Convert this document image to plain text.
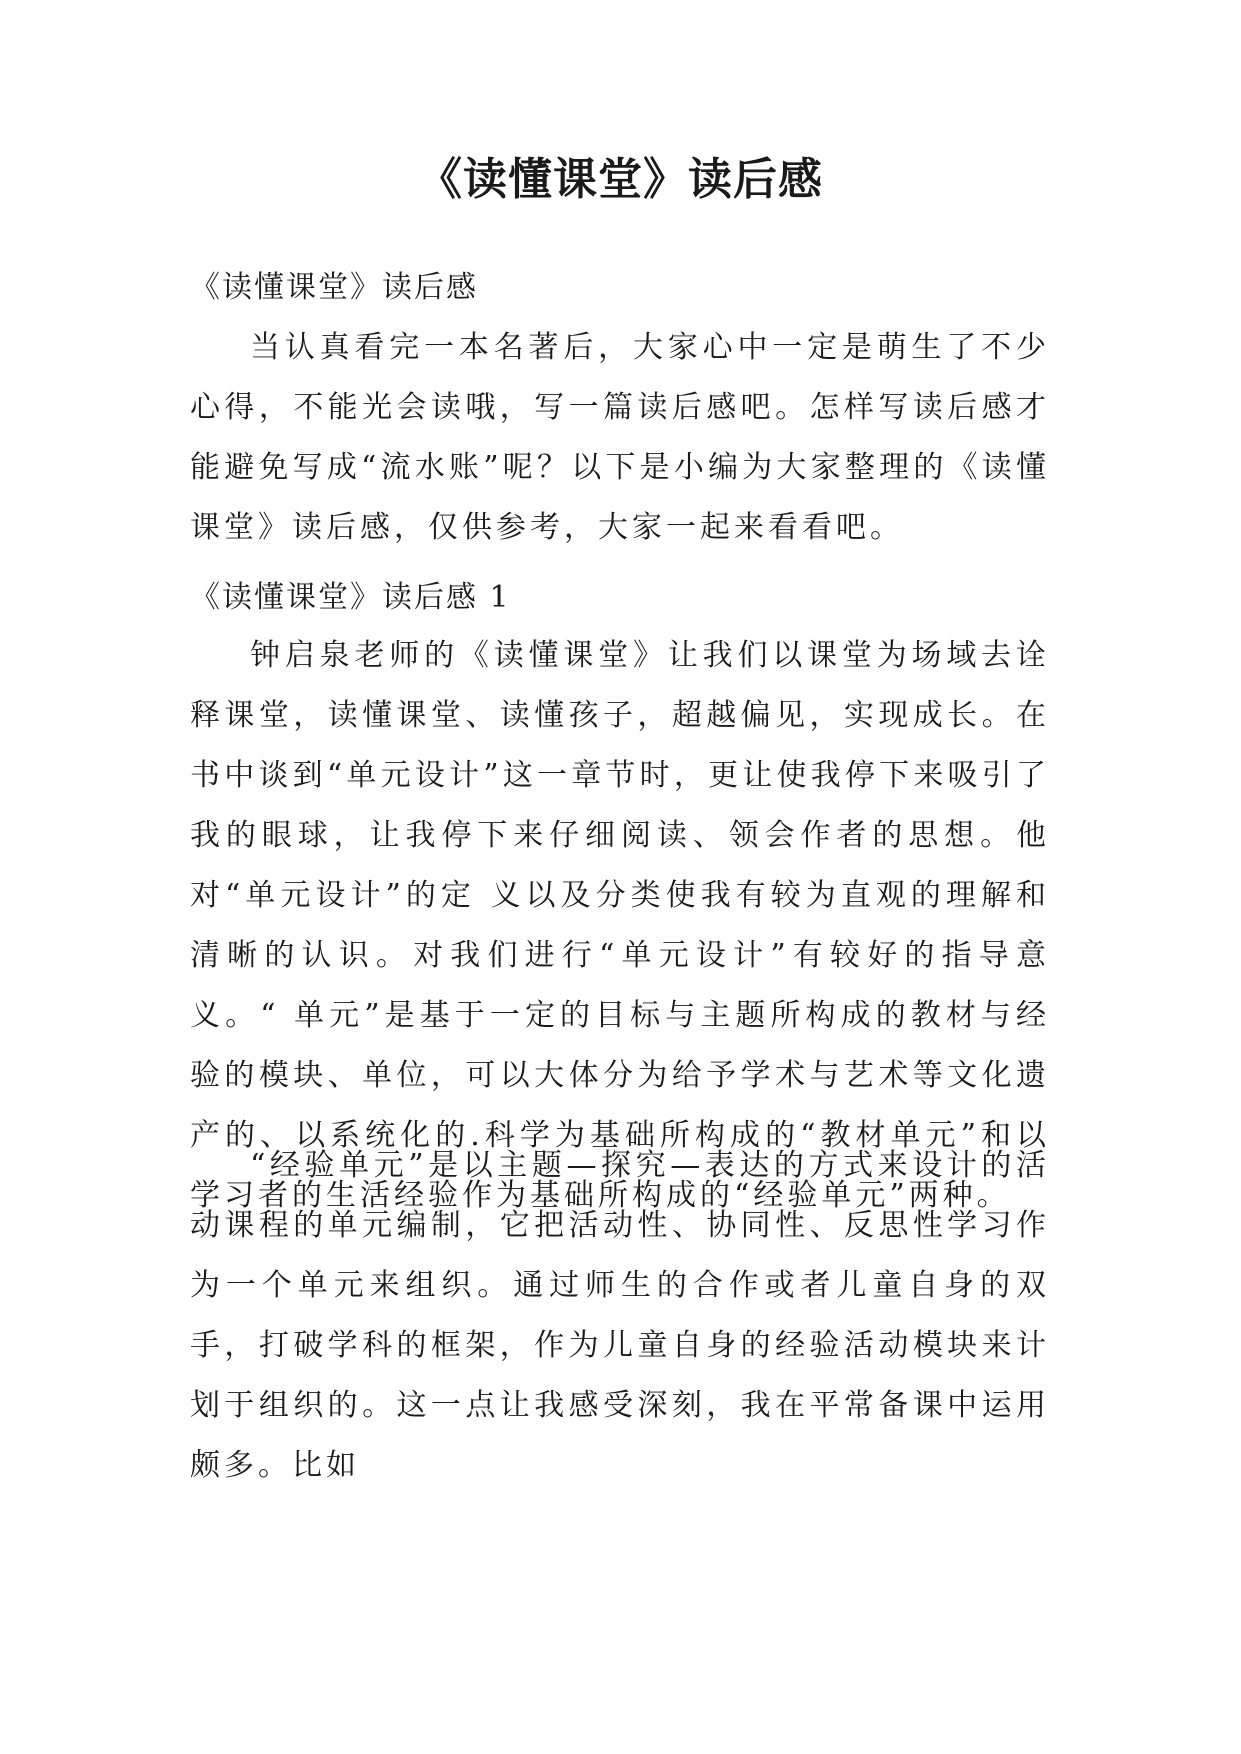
《读懂课堂》读后感
《读懂课堂》读后感
当认真看完一本名著后，大家心中一定是萌生了不少心得，不能光会读哦，写一篇读后感吧。怎样写读后感才能避免写成“流水账”呢？以下是小编为大家整理的《读懂课堂》读后感，仅供参考，大家一起来看看吧。
《读懂课堂》读后感 1
钟启泉老师的《读懂课堂》让我们以课堂为场域去诠释课堂，读懂课堂、读懂孩子，超越偏见，实现成长。在书中谈到“单元设计”这一章节时，更让使我停下来吸引了我的眼球，让我停下来仔细阅读、领会作者的思想。他对“单元设计”的定 义以及分类使我有较为直观的理解和清晰的认识。对我们进行“单元设计”有较好的指导意义。“ 单元”是基于一定的目标与主题所构成的教材与经验的模块、单位，可以大体分为给予学术与艺术等文化遗产的、以系统化的.科学为基础所构成的“教材单元”和以学习者的生活经验作为基础所构成的“经验单元”两种。
“经验单元”是以主题—探究—表达的方式来设计的活动课程的单元编制，它把活动性、协同性、反思性学习作为一个单元来组织。通过师生的合作或者儿童自身的双手，打破学科的框架，作为儿童自身的经验活动模块来计划于组织的。这一点让我感受深刻，我在平常备课中运用颇多。比如
